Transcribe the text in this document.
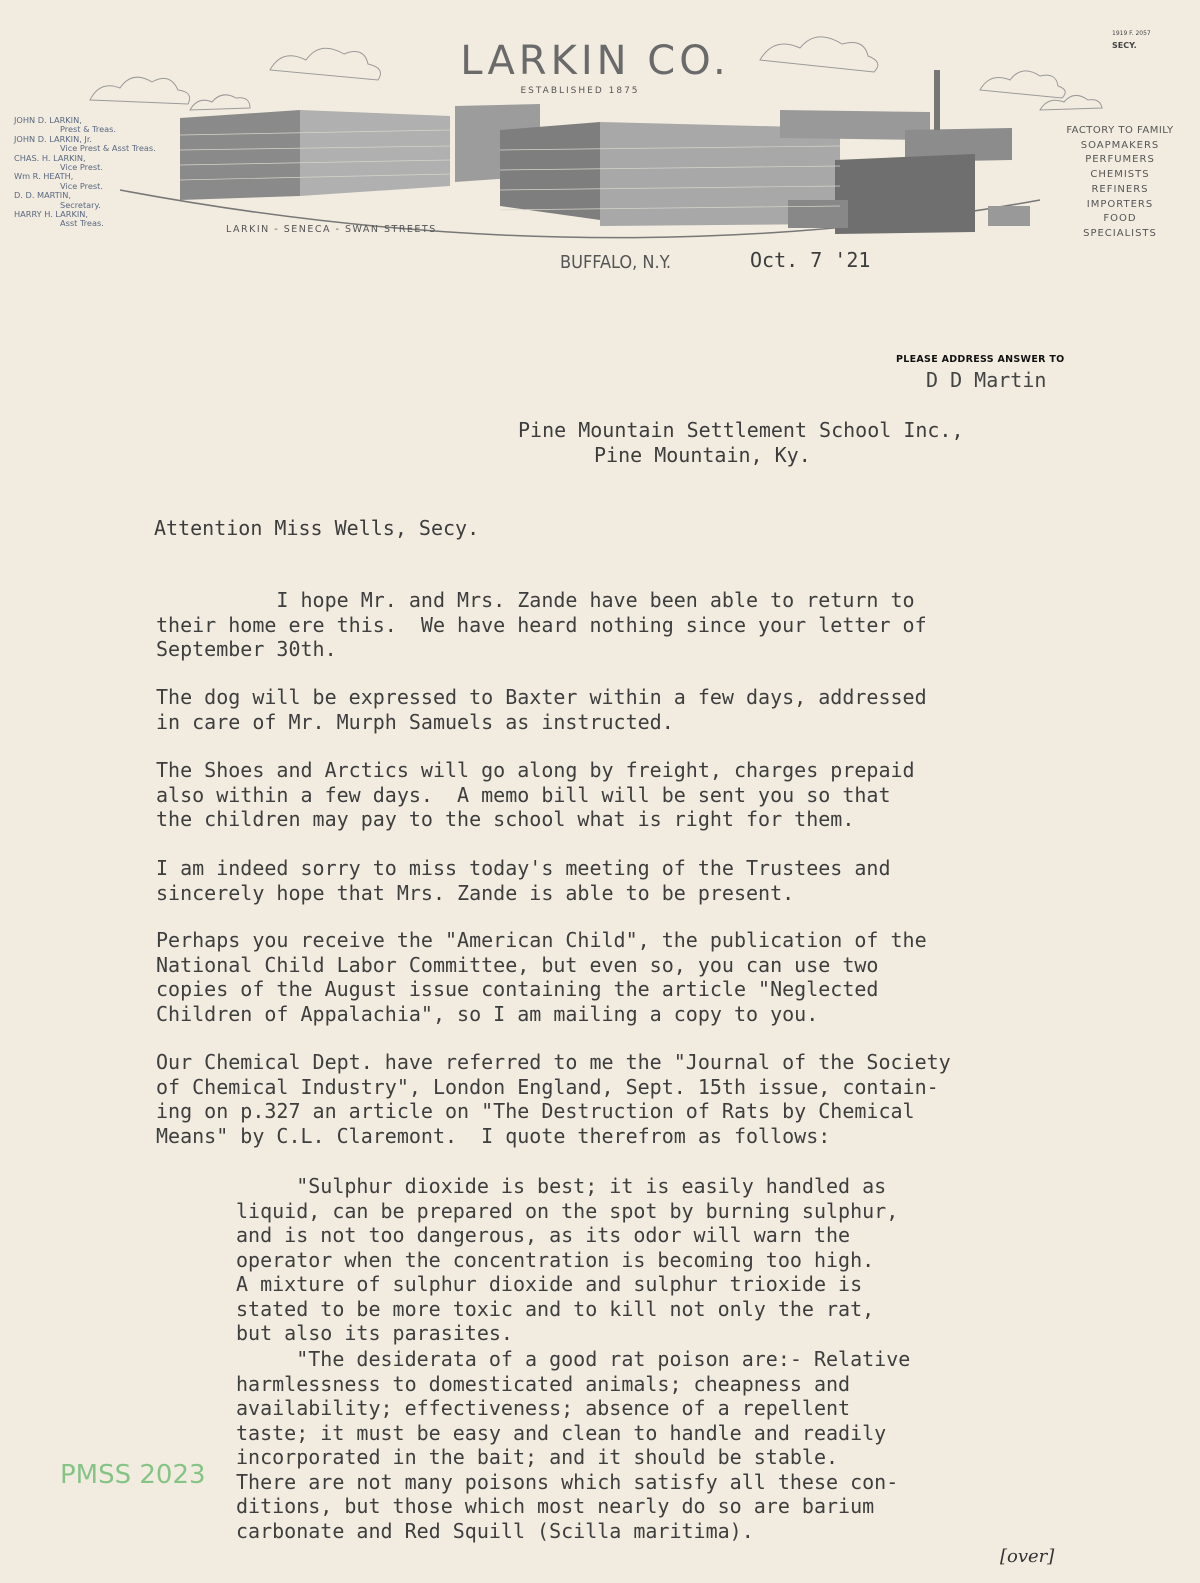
LARKIN CO.
ESTABLISHED 1875
1919 F. 2057
SECY.
JOHN D. LARKIN,
Prest & Treas.
JOHN D. LARKIN, Jr.
Vice Prest & Asst Treas.
CHAS. H. LARKIN,
Vice Prest.
Wm R. HEATH,
Vice Prest.
D. D. MARTIN,
Secretary.
HARRY H. LARKIN,
Asst Treas.
LARKIN - SENECA - SWAN STREETS
FACTORY TO FAMILY
SOAPMAKERS
PERFUMERS
CHEMISTS
REFINERS
IMPORTERS
FOOD
SPECIALISTS
BUFFALO, N.Y.	Oct. 7 '21
PLEASE ADDRESS ANSWER TO
D D Martin
Pine Mountain Settlement School Inc.,
Pine Mountain, Ky.
Attention Miss Wells, Secy.
I hope Mr. and Mrs. Zande have been able to return to
their home ere this.  We have heard nothing since your letter of
September 30th.
The dog will be expressed to Baxter within a few days, addressed
in care of Mr. Murph Samuels as instructed.
The Shoes and Arctics will go along by freight, charges prepaid
also within a few days.  A memo bill will be sent you so that
the children may pay to the school what is right for them.
I am indeed sorry to miss today's meeting of the Trustees and
sincerely hope that Mrs. Zande is able to be present.
Perhaps you receive the "American Child", the publication of the
National Child Labor Committee, but even so, you can use two
copies of the August issue containing the article "Neglected
Children of Appalachia", so I am mailing a copy to you.
Our Chemical Dept. have referred to me the "Journal of the Society
of Chemical Industry", London England, Sept. 15th issue, contain-
ing on p.327 an article on "The Destruction of Rats by Chemical
Means" by C.L. Claremont.  I quote therefrom as follows:
"Sulphur dioxide is best; it is easily handled as
liquid, can be prepared on the spot by burning sulphur,
and is not too dangerous, as its odor will warn the
operator when the concentration is becoming too high.
A mixture of sulphur dioxide and sulphur trioxide is
stated to be more toxic and to kill not only the rat,
but also its parasites.
"The desiderata of a good rat poison are:- Relative
harmlessness to domesticated animals; cheapness and
availability; effectiveness; absence of a repellent
taste; it must be easy and clean to handle and readily
incorporated in the bait; and it should be stable.
There are not many poisons which satisfy all these con-
ditions, but those which most nearly do so are barium
carbonate and Red Squill (Scilla maritima).
PMSS 2023
[over]
